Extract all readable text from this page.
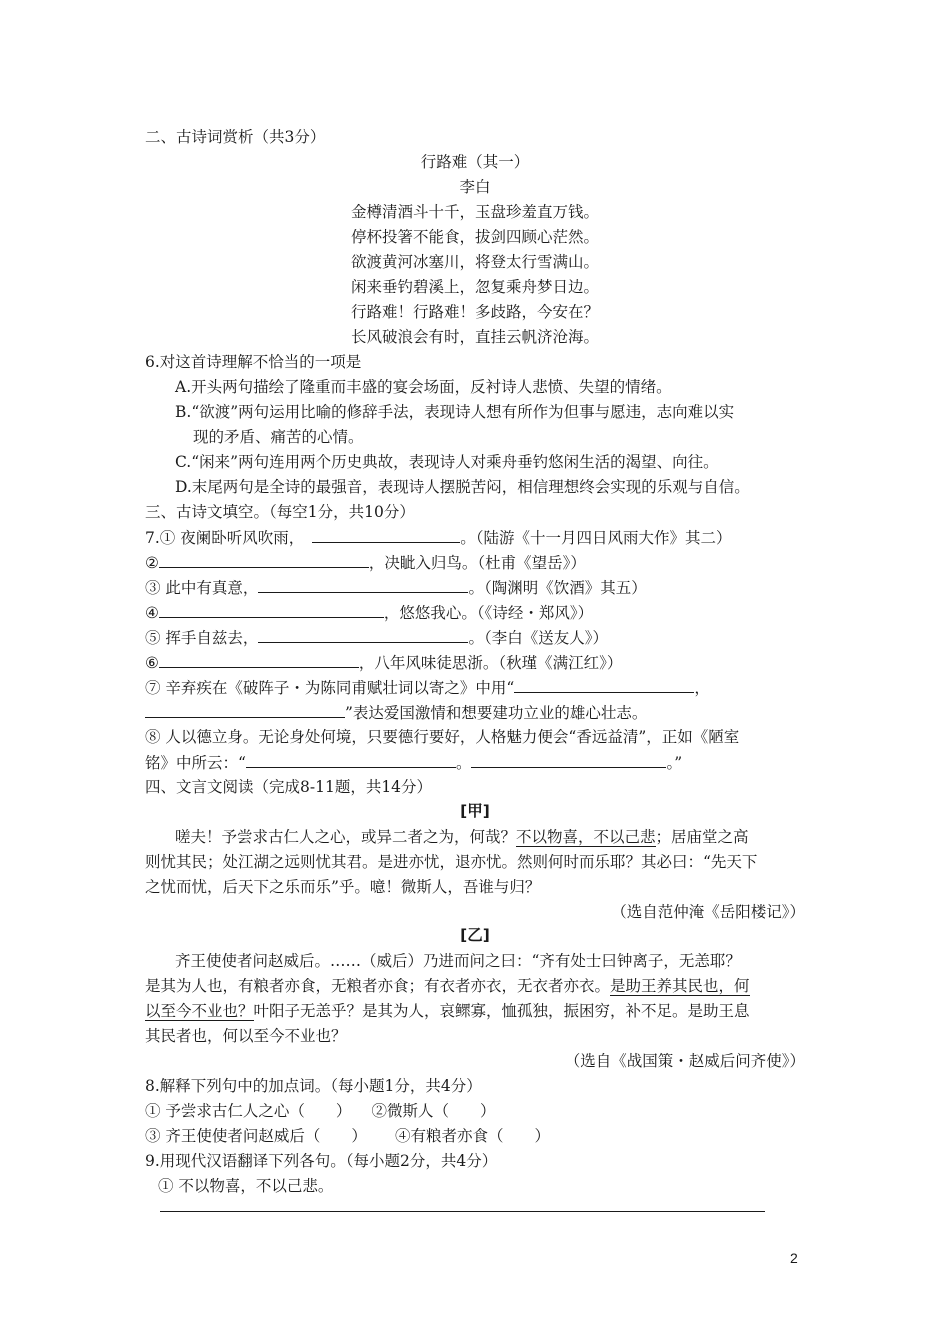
二、古诗词赏析（共3分）
行路难（其一）
李白
金樽清酒斗十千，玉盘珍羞直万钱。
停杯投箸不能食，拔剑四顾心茫然。
欲渡黄河冰塞川，将登太行雪满山。
闲来垂钓碧溪上，忽复乘舟梦日边。
行路难！行路难！多歧路，今安在？
长风破浪会有时，直挂云帆济沧海。
6.对这首诗理解不恰当的一项是
A.开头两句描绘了隆重而丰盛的宴会场面，反衬诗人悲愤、失望的情绪。
B.“欲渡”两句运用比喻的修辞手法，表现诗人想有所作为但事与愿违，志向难以实
现的矛盾、痛苦的心情。
C.“闲来”两句连用两个历史典故，表现诗人对乘舟垂钓悠闲生活的渴望、向往。
D.末尾两句是全诗的最强音，表现诗人摆脱苦闷，相信理想终会实现的乐观与自信。
三、古诗文填空。（每空1分，共10分）
7.① 夜阑卧听风吹雨，	。（陆游《十一月四日风雨大作》其二）
②	，决眦入归鸟。（杜甫《望岳》）
③ 此中有真意，	。（陶渊明《饮酒》其五）
④	，悠悠我心。（《诗经・郑风》）
⑤ 挥手自兹去，	。（李白《送友人》）
⑥	，八年风味徒思浙。（秋瑾《满江红》）
⑦ 辛弃疾在《破阵子・为陈同甫赋壮词以寄之》中用“	，
”表达爱国激情和想要建功立业的雄心壮志。
⑧ 人以德立身。无论身处何境，只要德行要好，人格魅力便会“香远益清”，正如《陋室
铭》中所云：“	。	。”
四、文言文阅读（完成8-11题，共14分）
[甲]
嗟夫！予尝求古仁人之心，或异二者之为，何哉？不以物喜，不以己悲；居庙堂之高
则忧其民；处江湖之远则忧其君。是进亦忧，退亦忧。然则何时而乐耶？其必曰：“先天下
之忧而忧，后天下之乐而乐”乎。噫！微斯人，吾谁与归？
（选自范仲淹《岳阳楼记》）
[乙]
齐王使使者问赵威后。……（威后）乃进而问之曰：“齐有处士曰钟离子，无恙耶？
是其为人也，有粮者亦食，无粮者亦食；有衣者亦衣，无衣者亦衣。是助王养其民也，何
以至今不业也？叶阳子无恙乎？是其为人，哀鳏寡，恤孤独，振困穷，补不足。是助王息
其民者也，何以至今不业也？
（选自《战国策・赵威后问齐使》）
8.解释下列句中的加点词。（每小题1分，共4分）
① 予尝求古仁人之心（　　） ②微斯人（　　）
③ 齐王使使者问赵威后（　　） ④有粮者亦食（　　）
9.用现代汉语翻译下列各句。（每小题2分，共4分）
① 不以物喜，不以己悲。
2
